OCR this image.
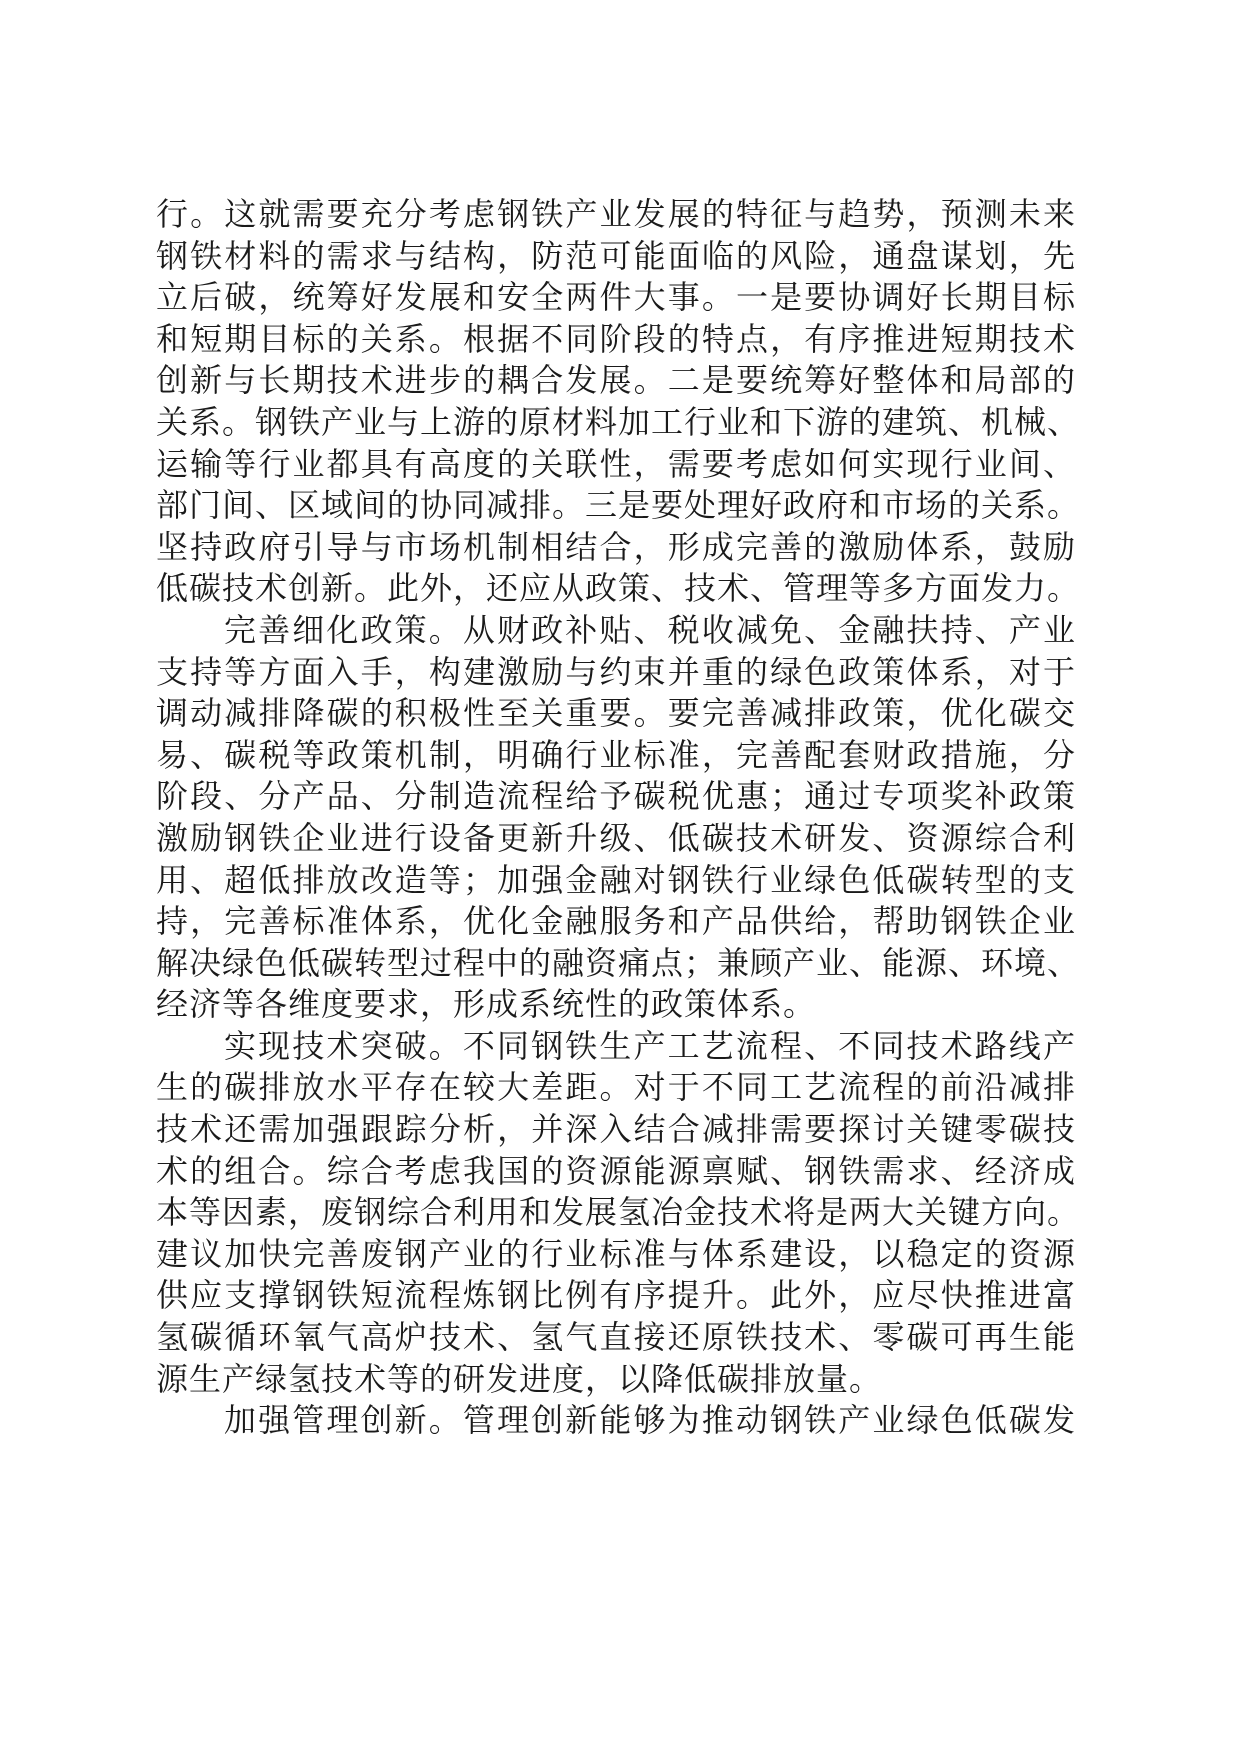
行。这就需要充分考虑钢铁产业发展的特征与趋势，预测未来
钢铁材料的需求与结构，防范可能面临的风险，通盘谋划，先
立后破，统筹好发展和安全两件大事。一是要协调好长期目标
和短期目标的关系。根据不同阶段的特点，有序推进短期技术
创新与长期技术进步的耦合发展。二是要统筹好整体和局部的
关系。钢铁产业与上游的原材料加工行业和下游的建筑、机械、
运输等行业都具有高度的关联性，需要考虑如何实现行业间、
部门间、区域间的协同减排。三是要处理好政府和市场的关系。
坚持政府引导与市场机制相结合，形成完善的激励体系，鼓励
低碳技术创新。此外，还应从政策、技术、管理等多方面发力。
完善细化政策。从财政补贴、税收减免、金融扶持、产业
支持等方面入手，构建激励与约束并重的绿色政策体系，对于
调动减排降碳的积极性至关重要。要完善减排政策，优化碳交
易、碳税等政策机制，明确行业标准，完善配套财政措施，分
阶段、分产品、分制造流程给予碳税优惠；通过专项奖补政策
激励钢铁企业进行设备更新升级、低碳技术研发、资源综合利
用、超低排放改造等；加强金融对钢铁行业绿色低碳转型的支
持，完善标准体系，优化金融服务和产品供给，帮助钢铁企业
解决绿色低碳转型过程中的融资痛点；兼顾产业、能源、环境、
经济等各维度要求，形成系统性的政策体系。
实现技术突破。不同钢铁生产工艺流程、不同技术路线产
生的碳排放水平存在较大差距。对于不同工艺流程的前沿减排
技术还需加强跟踪分析，并深入结合减排需要探讨关键零碳技
术的组合。综合考虑我国的资源能源禀赋、钢铁需求、经济成
本等因素，废钢综合利用和发展氢冶金技术将是两大关键方向。
建议加快完善废钢产业的行业标准与体系建设，以稳定的资源
供应支撑钢铁短流程炼钢比例有序提升。此外，应尽快推进富
氢碳循环氧气高炉技术、氢气直接还原铁技术、零碳可再生能
源生产绿氢技术等的研发进度，以降低碳排放量。
加强管理创新。管理创新能够为推动钢铁产业绿色低碳发
